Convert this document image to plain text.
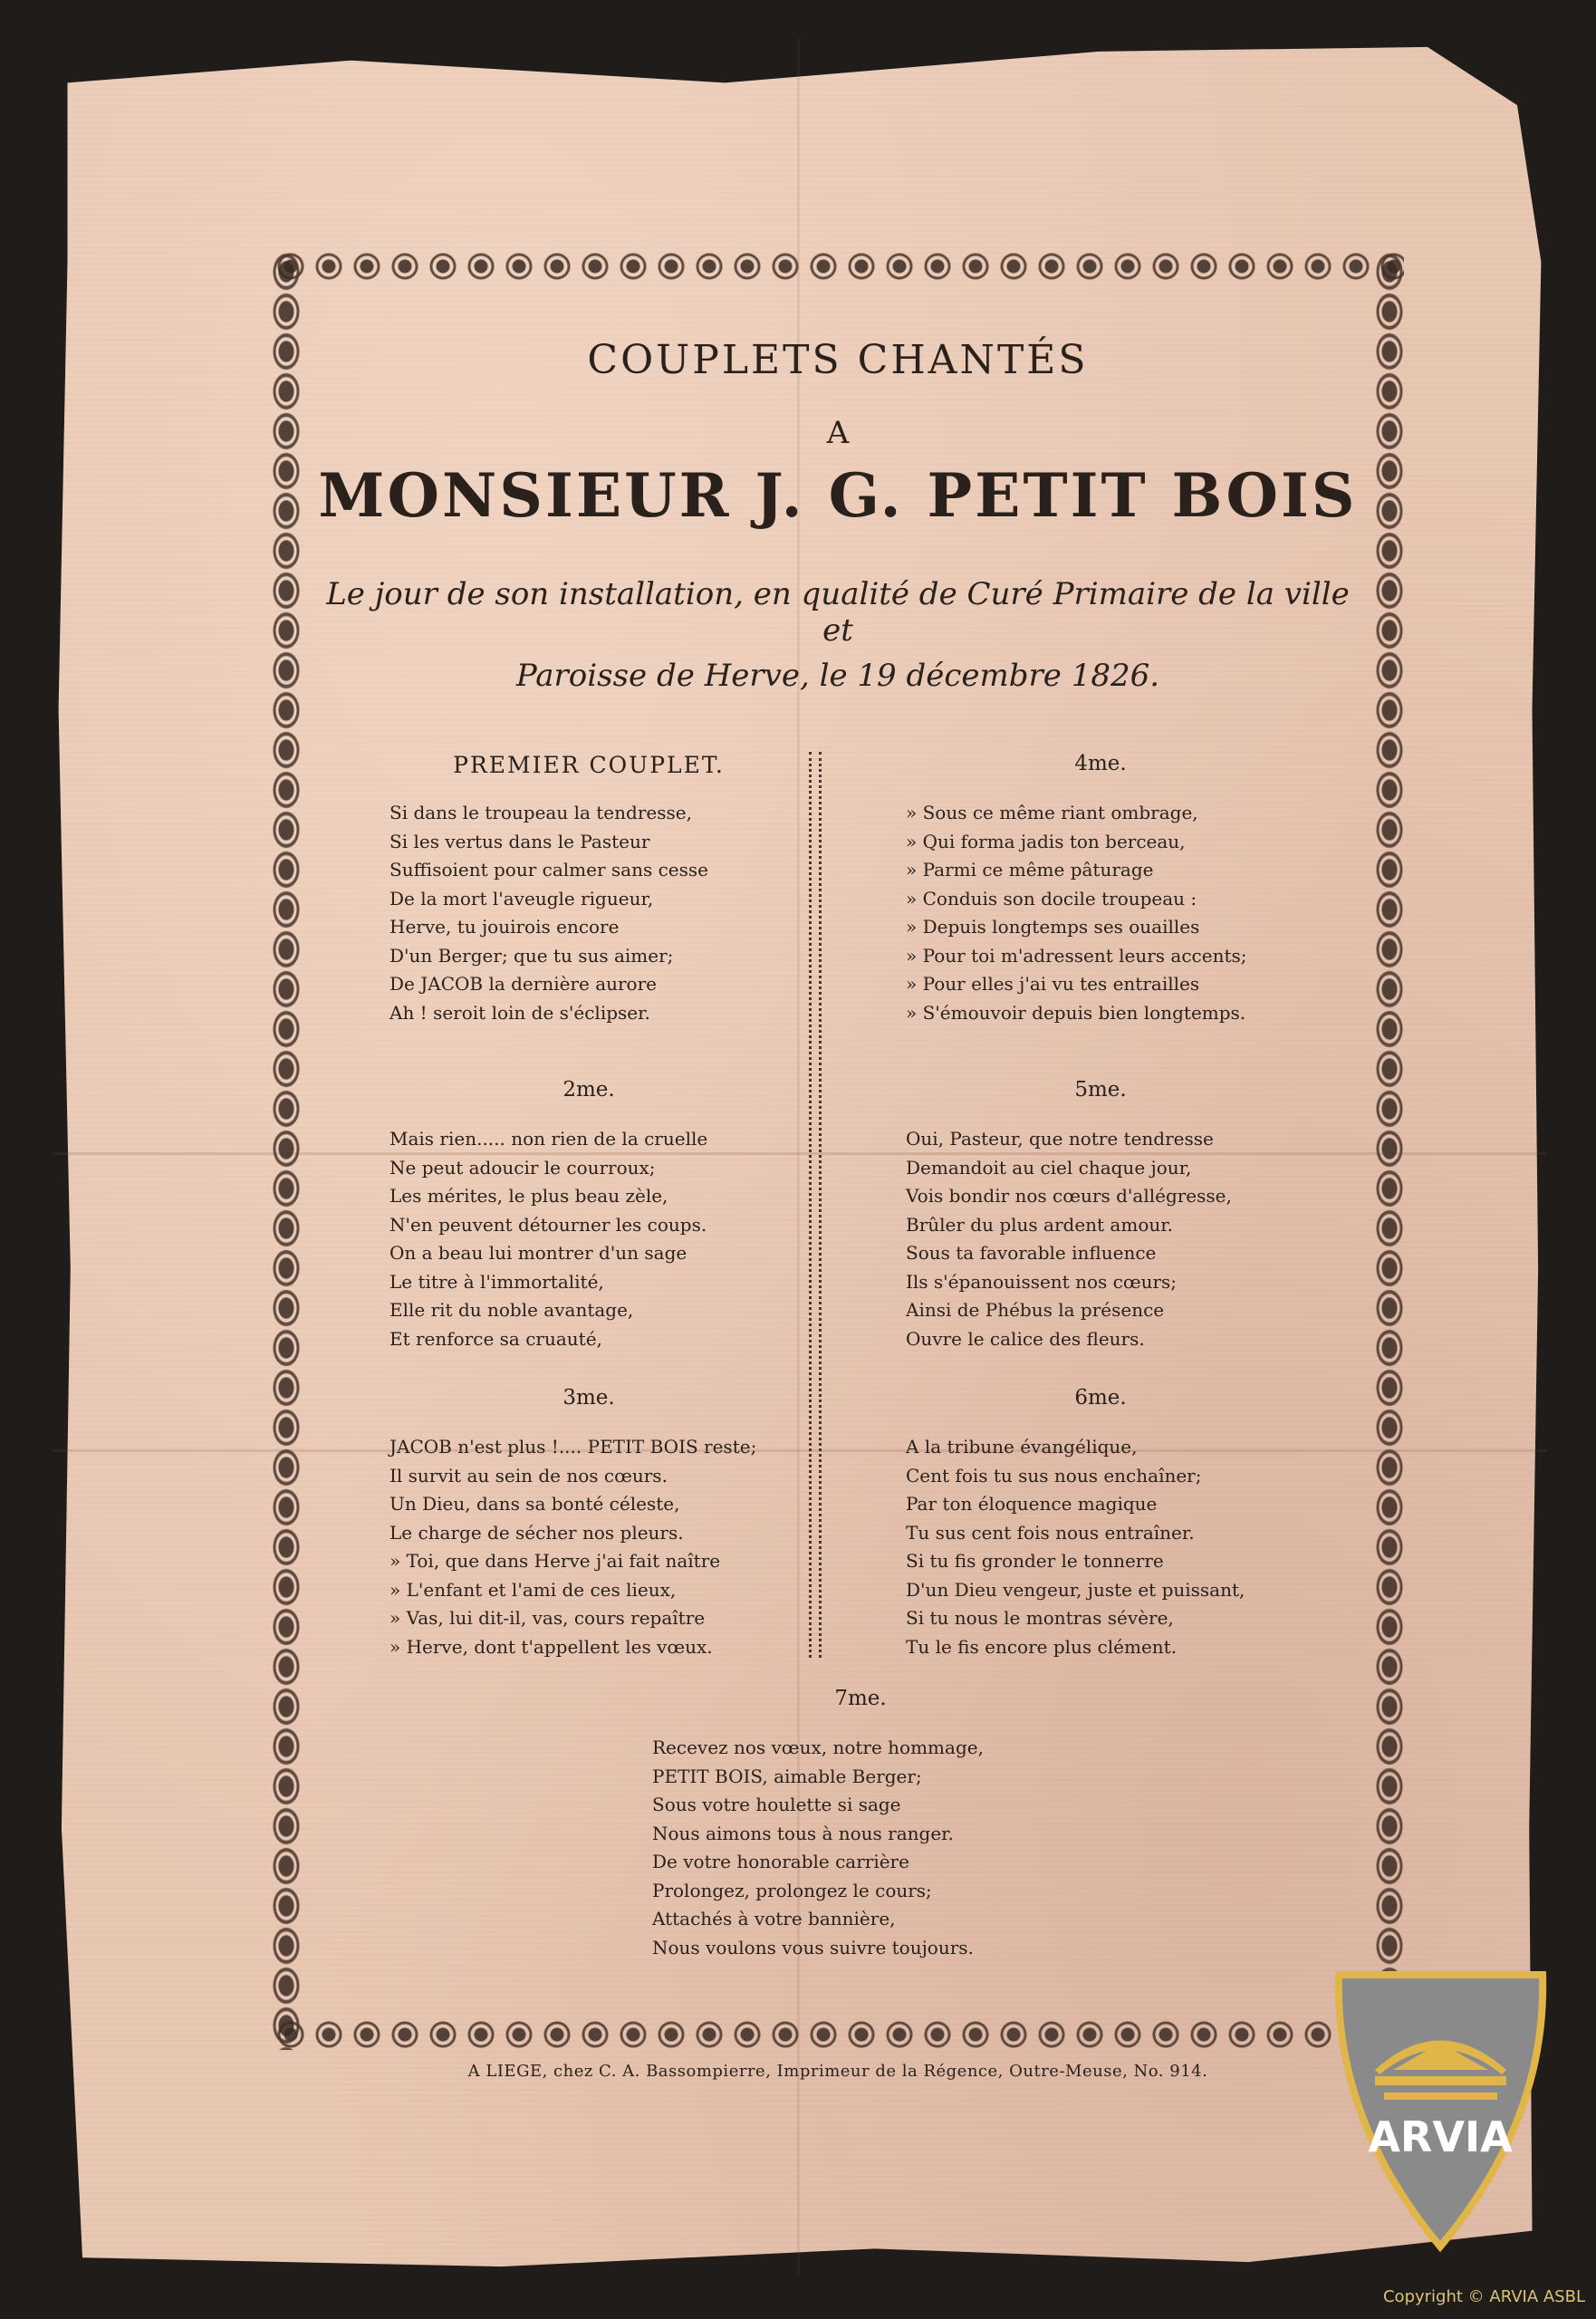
COUPLETS CHANTÉS
A
MONSIEUR J. G. PETIT BOIS
Le jour de son installation, en qualité de Curé Primaire de la ville et
Paroisse de Herve, le 19 décembre 1826.
PREMIER COUPLET.
Si dans le troupeau la tendresse,
Si les vertus dans le Pasteur
Suffisoient pour calmer sans cesse
De la mort l'aveugle rigueur,
Herve, tu jouirois encore
D'un Berger; que tu sus aimer;
De JACOB la dernière aurore
Ah ! seroit loin de s'éclipser.
2me.
Mais rien..... non rien de la cruelle
Ne peut adoucir le courroux;
Les mérites, le plus beau zèle,
N'en peuvent détourner les coups.
On a beau lui montrer d'un sage
Le titre à l'immortalité,
Elle rit du noble avantage,
Et renforce sa cruauté,
3me.
JACOB n'est plus !.... PETIT BOIS reste;
Il survit au sein de nos cœurs.
Un Dieu, dans sa bonté céleste,
Le charge de sécher nos pleurs.
» Toi, que dans Herve j'ai fait naître
» L'enfant et l'ami de ces lieux,
» Vas, lui dit-il, vas, cours repaître
» Herve, dont t'appellent les vœux.
4me.
» Sous ce même riant ombrage,
» Qui forma jadis ton berceau,
» Parmi ce même pâturage
» Conduis son docile troupeau :
» Depuis longtemps ses ouailles
» Pour toi m'adressent leurs accents;
» Pour elles j'ai vu tes entrailles
» S'émouvoir depuis bien longtemps.
5me.
Oui, Pasteur, que notre tendresse
Demandoit au ciel chaque jour,
Vois bondir nos cœurs d'allégresse,
Brûler du plus ardent amour.
Sous ta favorable influence
Ils s'épanouissent nos cœurs;
Ainsi de Phébus la présence
Ouvre le calice des fleurs.
6me.
A la tribune évangélique,
Cent fois tu sus nous enchaîner;
Par ton éloquence magique
Tu sus cent fois nous entraîner.
Si tu fis gronder le tonnerre
D'un Dieu vengeur, juste et puissant,
Si tu nous le montras sévère,
Tu le fis encore plus clément.
7me.
Recevez nos vœux, notre hommage,
PETIT BOIS, aimable Berger;
Sous votre houlette si sage
Nous aimons tous à nous ranger.
De votre honorable carrière
Prolongez, prolongez le cours;
Attachés à votre bannière,
Nous voulons vous suivre toujours.
A LIEGE, chez C. A. Bassompierre, Imprimeur de la Régence, Outre-Meuse, No. 914.
ARVIA
Copyright © ARVIA ASBL
